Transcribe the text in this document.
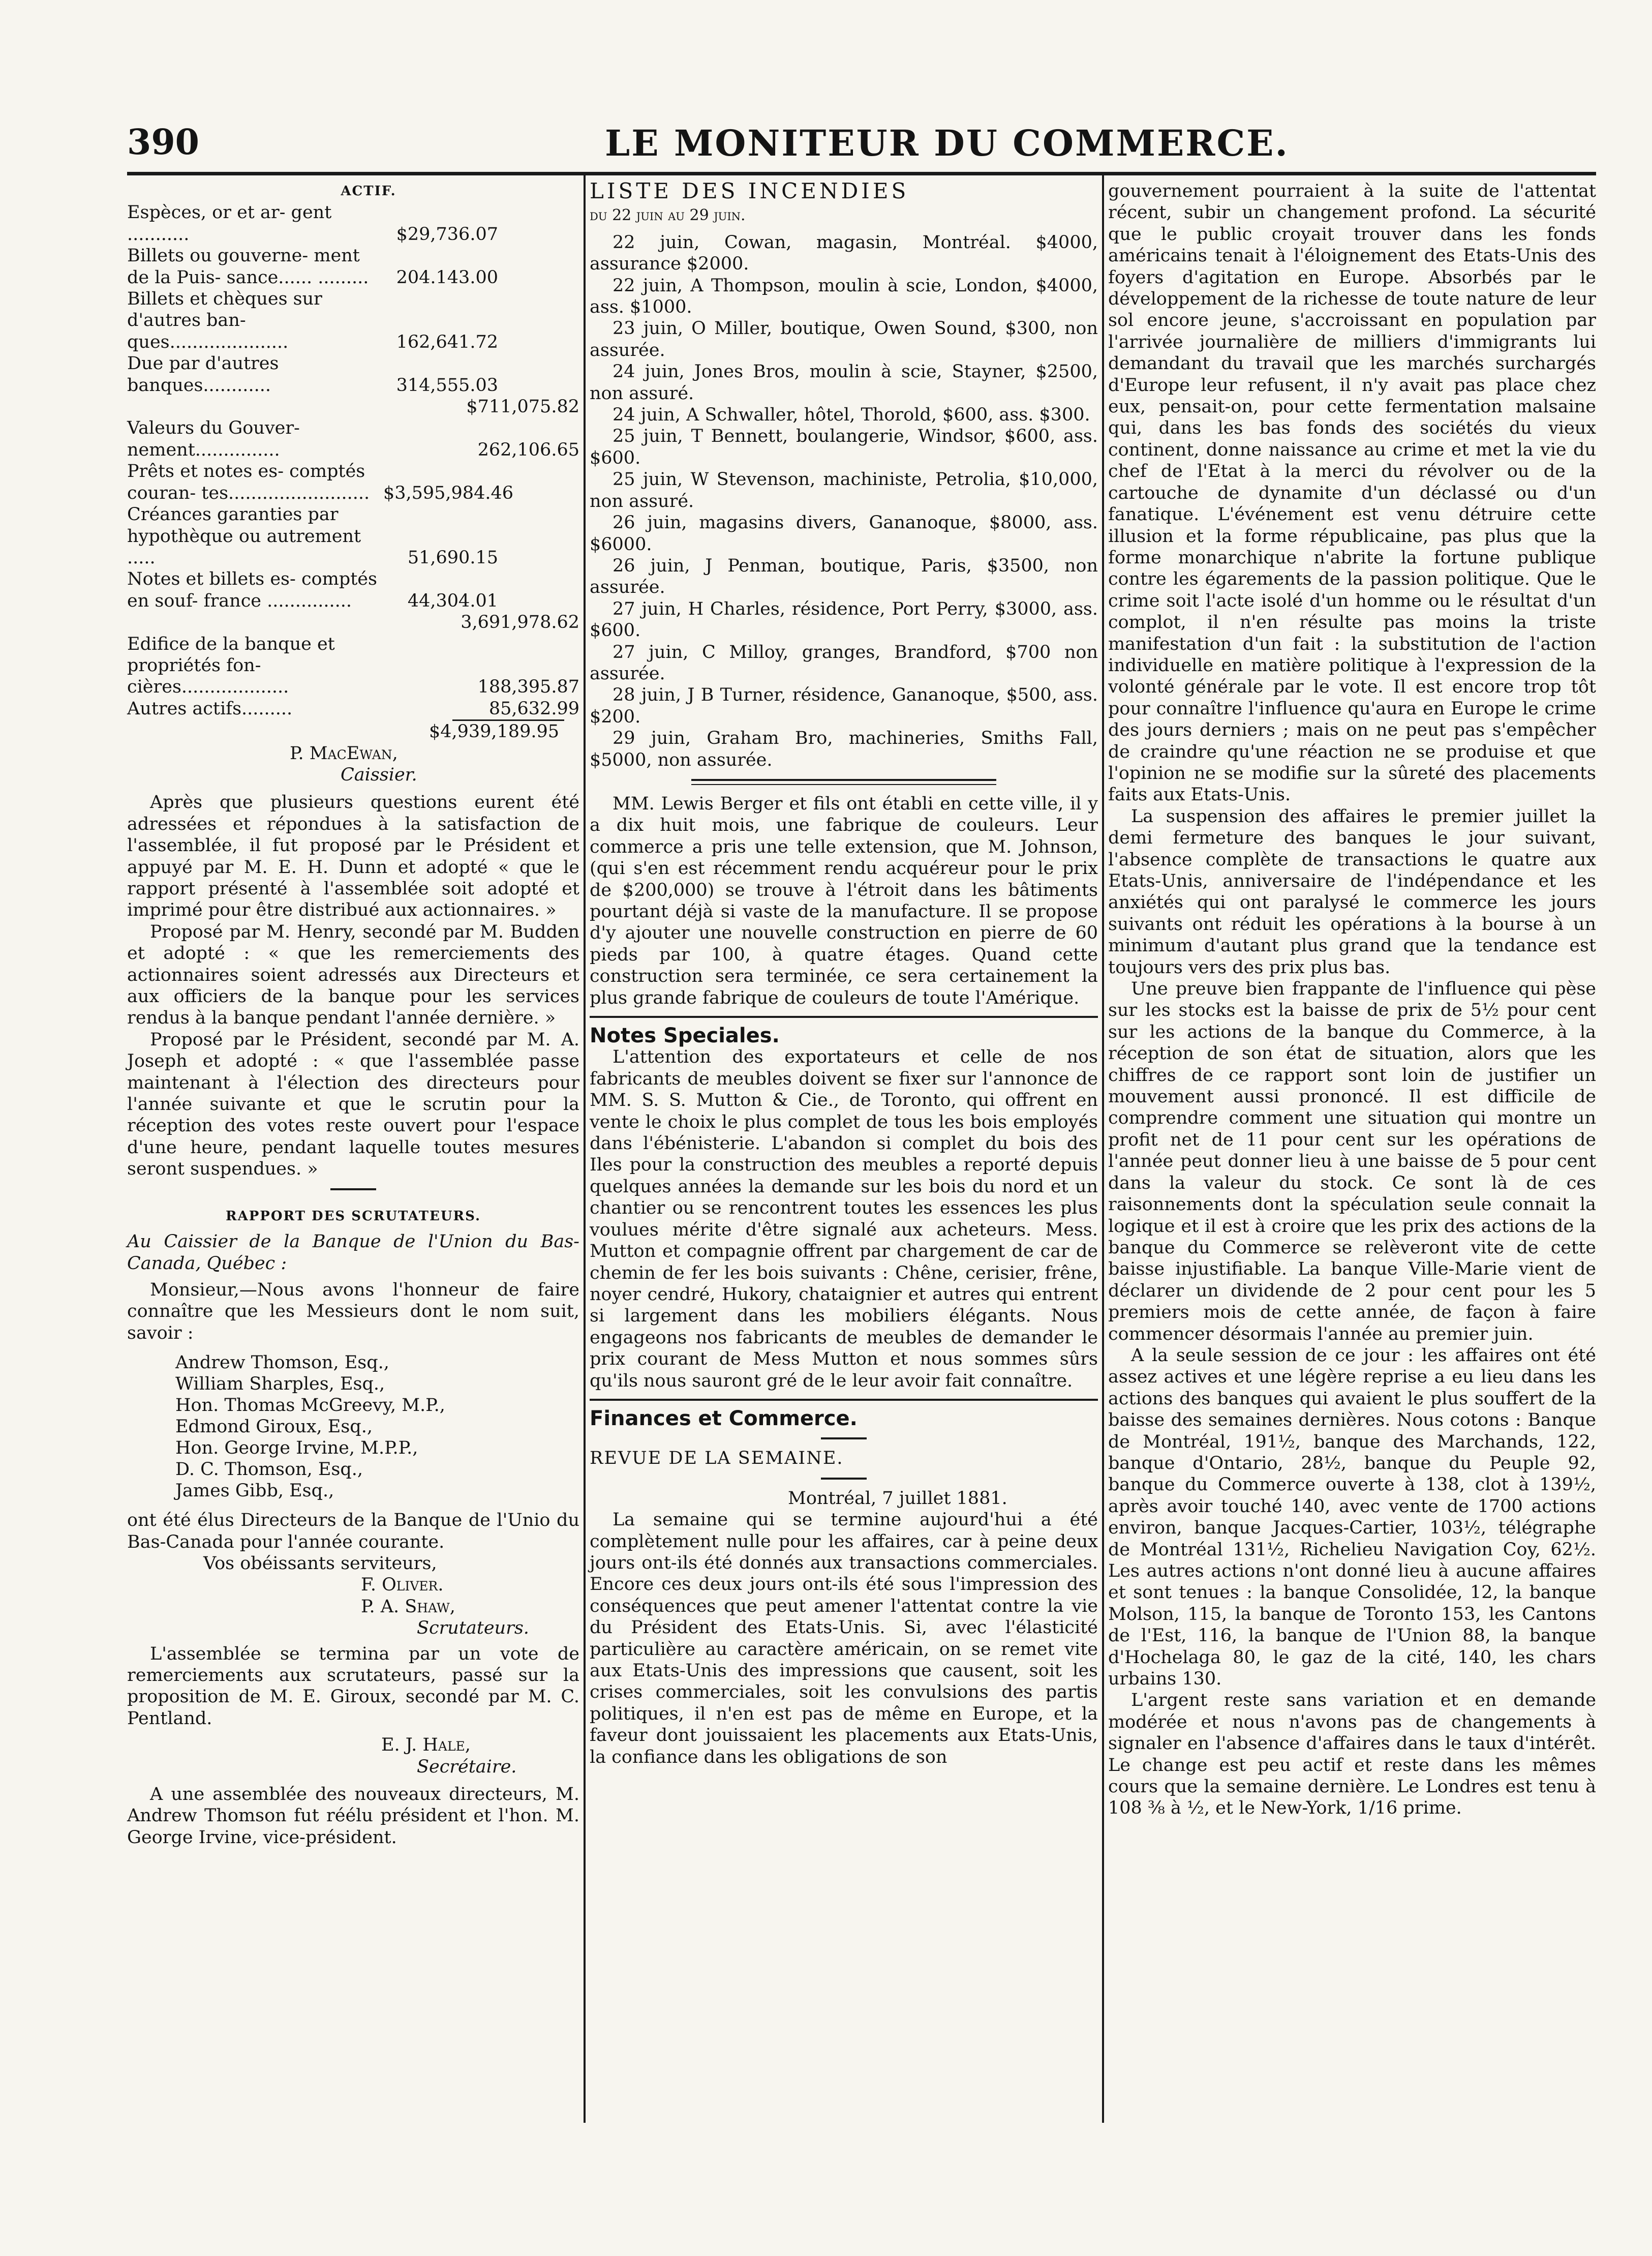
390	LE MONITEUR DU COMMERCE.
ACTIF.
Espèces, or et ar- gent ...........	$29,736.07
Billets ou gouverne- ment de la Puis- sance...... .........	204.143.00
Billets et chèques sur d'autres ban- ques.....................	162,641.72
Due par d'autres banques............	314,555.03
$711,075.82
Valeurs du Gouver- nement...............	262,106.65
Prêts et notes es- comptés couran- tes......................... $3,595,984.46
Créances garanties par hypothèque ou autrement .....	51,690.15
Notes et billets es- comptés en souf- france ...............	44,304.01
3,691,978.62
Edifice de la banque et propriétés fon- cières...................	188,395.87
Autres actifs.........	85,632.99
$4,939,189.95
P. MacEwan,
Caissier.

Après que plusieurs questions eurent été adressées et répondues à la satisfaction de l'assemblée, il fut proposé par le Président et appuyé par M. E. H. Dunn et adopté « que le rapport présenté à l'assemblée soit adopté et imprimé pour être distribué aux actionnaires. »

Proposé par M. Henry, secondé par M. Budden et adopté : « que les remerciements des actionnaires soient adressés aux Directeurs et aux officiers de la banque pour les services rendus à la banque pendant l'année dernière. »

Proposé par le Président, secondé par M. A. Joseph et adopté : « que l'assemblée passe maintenant à l'élection des directeurs pour l'année suivante et que le scrutin pour la réception des votes reste ouvert pour l'espace d'une heure, pendant laquelle toutes mesures seront suspendues. »

RAPPORT DES SCRUTATEURS.

Au Caissier de la Banque de l'Union du Bas-Canada, Québec :

Monsieur,—Nous avons l'honneur de faire connaître que les Messieurs dont le nom suit, savoir :

Andrew Thomson, Esq.,
William Sharples, Esq.,
Hon. Thomas McGreevy, M.P.,
Edmond Giroux, Esq.,
Hon. George Irvine, M.P.P.,
D. C. Thomson, Esq.,
James Gibb, Esq.,

ont été élus Directeurs de la Banque de l'Unio du Bas-Canada pour l'année courante.

Vos obéissants serviteurs,
F. Oliver.
P. A. Shaw,
Scrutateurs.

L'assemblée se termina par un vote de remerciements aux scrutateurs, passé sur la proposition de M. E. Giroux, secondé par M. C. Pentland.

E. J. Hale,
Secrétaire.

A une assemblée des nouveaux directeurs, M. Andrew Thomson fut réélu président et l'hon. M. George Irvine, vice-président.

LISTE DES INCENDIES

du 22 juin au 29 juin.

22 juin, Cowan, magasin, Montréal. $4000, assurance $2000.

22 juin, A Thompson, moulin à scie, London, $4000, ass. $1000.

23 juin, O Miller, boutique, Owen Sound, $300, non assurée.

24 juin, Jones Bros, moulin à scie, Stayner, $2500, non assuré.

24 juin, A Schwaller, hôtel, Thorold, $600, ass. $300.

25 juin, T Bennett, boulangerie, Windsor, $600, ass. $600.

25 juin, W Stevenson, machiniste, Petrolia, $10,000, non assuré.

26 juin, magasins divers, Gananoque, $8000, ass. $6000.

26 juin, J Penman, boutique, Paris, $3500, non assurée.

27 juin, H Charles, résidence, Port Perry, $3000, ass. $600.

27 juin, C Milloy, granges, Brandford, $700 non assurée.

28 juin, J B Turner, résidence, Gananoque, $500, ass. $200.

29 juin, Graham Bro, machineries, Smiths Fall, $5000, non assurée.

MM. Lewis Berger et fils ont établi en cette ville, il y a dix huit mois, une fabrique de couleurs. Leur commerce a pris une telle extension, que M. Johnson, (qui s'en est récemment rendu acquéreur pour le prix de $200,000) se trouve à l'étroit dans les bâtiments pourtant déjà si vaste de la manufacture. Il se propose d'y ajouter une nouvelle construction en pierre de 60 pieds par 100, à quatre étages. Quand cette construction sera terminée, ce sera certainement la plus grande fabrique de couleurs de toute l'Amérique.

Notes Speciales.

L'attention des exportateurs et celle de nos fabricants de meubles doivent se fixer sur l'annonce de MM. S. S. Mutton & Cie., de Toronto, qui offrent en vente le choix le plus complet de tous les bois employés dans l'ébénisterie. L'abandon si complet du bois des Iles pour la construction des meubles a reporté depuis quelques années la demande sur les bois du nord et un chantier ou se rencontrent toutes les essences les plus voulues mérite d'être signalé aux acheteurs. Mess. Mutton et compagnie offrent par chargement de car de chemin de fer les bois suivants : Chêne, cerisier, frêne, noyer cendré, Hukory, chataignier et autres qui entrent si largement dans les mobiliers élégants. Nous engageons nos fabricants de meubles de demander le prix courant de Mess Mutton et nous sommes sûrs qu'ils nous sauront gré de le leur avoir fait connaître.

Finances et Commerce.

REVUE DE LA SEMAINE.

Montréal, 7 juillet 1881.

La semaine qui se termine aujourd'hui a été complètement nulle pour les affaires, car à peine deux jours ont-ils été donnés aux transactions commerciales. Encore ces deux jours ont-ils été sous l'impression des conséquences que peut amener l'attentat contre la vie du Président des Etats-Unis. Si, avec l'élasticité particulière au caractère américain, on se remet vite aux Etats-Unis des impressions que causent, soit les crises commerciales, soit les convulsions des partis politiques, il n'en est pas de même en Europe, et la faveur dont jouissaient les placements aux Etats-Unis, la confiance dans les obligations de son

gouvernement pourraient à la suite de l'attentat récent, subir un changement profond. La sécurité que le public croyait trouver dans les fonds américains tenait à l'éloignement des Etats-Unis des foyers d'agitation en Europe. Absorbés par le développement de la richesse de toute nature de leur sol encore jeune, s'accroissant en population par l'arrivée journalière de milliers d'immigrants lui demandant du travail que les marchés surchargés d'Europe leur refusent, il n'y avait pas place chez eux, pensait-on, pour cette fermentation malsaine qui, dans les bas fonds des sociétés du vieux continent, donne naissance au crime et met la vie du chef de l'Etat à la merci du révolver ou de la cartouche de dynamite d'un déclassé ou d'un fanatique. L'événement est venu détruire cette illusion et la forme républicaine, pas plus que la forme monarchique n'abrite la fortune publique contre les égarements de la passion politique. Que le crime soit l'acte isolé d'un homme ou le résultat d'un complot, il n'en résulte pas moins la triste manifestation d'un fait : la substitution de l'action individuelle en matière politique à l'expression de la volonté générale par le vote. Il est encore trop tôt pour connaître l'influence qu'aura en Europe le crime des jours derniers ; mais on ne peut pas s'empêcher de craindre qu'une réaction ne se produise et que l'opinion ne se modifie sur la sûreté des placements faits aux Etats-Unis.

La suspension des affaires le premier juillet la demi fermeture des banques le jour suivant, l'absence complète de transactions le quatre aux Etats-Unis, anniversaire de l'indépendance et les anxiétés qui ont paralysé le commerce les jours suivants ont réduit les opérations à la bourse à un minimum d'autant plus grand que la tendance est toujours vers des prix plus bas.

Une preuve bien frappante de l'influence qui pèse sur les stocks est la baisse de prix de 5½ pour cent sur les actions de la banque du Commerce, à la réception de son état de situation, alors que les chiffres de ce rapport sont loin de justifier un mouvement aussi prononcé. Il est difficile de comprendre comment une situation qui montre un profit net de 11 pour cent sur les opérations de l'année peut donner lieu à une baisse de 5 pour cent dans la valeur du stock. Ce sont là de ces raisonnements dont la spéculation seule connait la logique et il est à croire que les prix des actions de la banque du Commerce se relèveront vite de cette baisse injustifiable. La banque Ville-Marie vient de déclarer un dividende de 2 pour cent pour les 5 premiers mois de cette année, de façon à faire commencer désormais l'année au premier juin.

A la seule session de ce jour : les affaires ont été assez actives et une légère reprise a eu lieu dans les actions des banques qui avaient le plus souffert de la baisse des semaines dernières. Nous cotons : Banque de Montréal, 191½, banque des Marchands, 122, banque d'Ontario, 28½, banque du Peuple 92, banque du Commerce ouverte à 138, clot à 139½, après avoir touché 140, avec vente de 1700 actions environ, banque Jacques-Cartier, 103½, télégraphe de Montréal 131½, Richelieu Navigation Coy, 62½. Les autres actions n'ont donné lieu à aucune affaires et sont tenues : la banque Consolidée, 12, la banque Molson, 115, la banque de Toronto 153, les Cantons de l'Est, 116, la banque de l'Union 88, la banque d'Hochelaga 80, le gaz de la cité, 140, les chars urbains 130.

L'argent reste sans variation et en demande modérée et nous n'avons pas de changements à signaler en l'absence d'affaires dans le taux d'intérêt. Le change est peu actif et reste dans les mêmes cours que la semaine dernière. Le Londres est tenu à 108 ⅜ à ½, et le New-York, 1/16 prime.
